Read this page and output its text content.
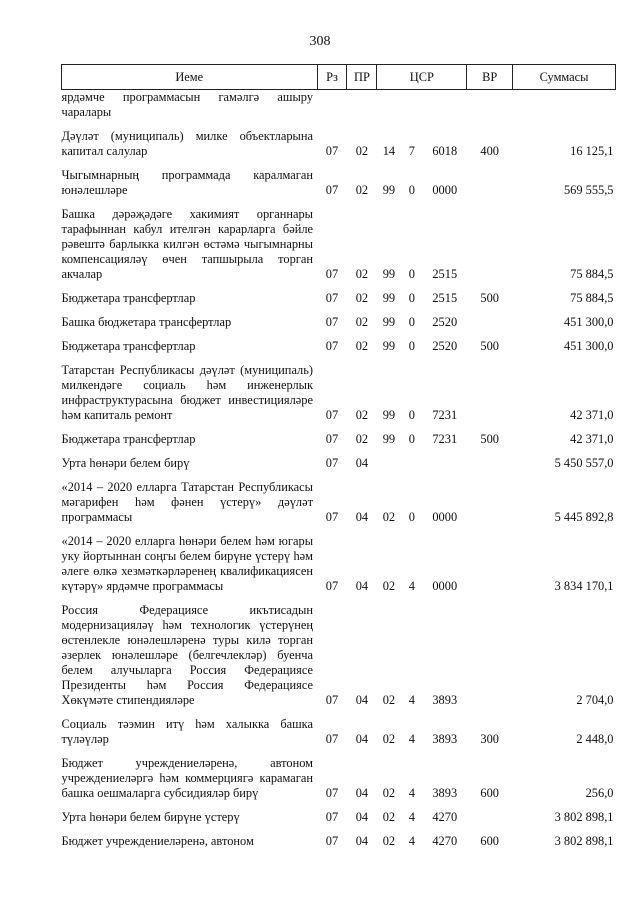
308
Иеме	Рз	ПР	ЦСР			ВР	Суммасы
ярдәмче программасын гамәлгә ашыру чаралары							
Дәүләт (муниципаль) милке объектларына капитал салулар	07	02	14	7	6018	400	16 125,1
Чыгымнарның программада каралмаган юнәлешләре	07	02	99	0	0000		569 555,5
Башка дәрәҗәдәге хакимият органнары тарафыннан кабул ителгән карарларга бәйле рәвештә барлыкка килгән өстәмә чыгымнарны компенсацияләү өчен тапшырыла торган акчалар	07	02	99	0	2515		75 884,5
Бюджетара трансфертлар	07	02	99	0	2515	500	75 884,5
Башка бюджетара трансфертлар	07	02	99	0	2520		451 300,0
Бюджетара трансфертлар	07	02	99	0	2520	500	451 300,0
Татарстан Республикасы дәүләт (муниципаль) милкендәге социаль һәм инженерлык инфраструктурасына бюджет инвестицияләре һәм капиталь ремонт	07	02	99	0	7231		42 371,0
Бюджетара трансфертлар	07	02	99	0	7231	500	42 371,0
Урта һөнәри белем бирү	07	04					5 450 557,0
«2014 – 2020 елларга Татарстан Республикасы мәгарифен һәм фәнен үстерү» дәүләт программасы	07	04	02	0	0000		5 445 892,8
«2014 – 2020 елларга һөнәри белем һәм югары уку йортыннан соңгы белем бирүне үстерү һәм әлеге өлкә хезмәткәрләренең квалификациясен күтәрү» ярдәмче программасы	07	04	02	4	0000		3 834 170,1
Россия Федерациясе икътисадын модернизацияләү һәм технологик үстерүнең өстенлекле юнәлешләренә туры килә торган әзерлек юнәлешләре (белгечлекләр) буенча белем алучыларга Россия Федерациясе Президенты һәм Россия Федерациясе Хөкүмәте стипендияләре	07	04	02	4	3893		2 704,0
Социаль тәэмин итү һәм халыкка башка түләүләр	07	04	02	4	3893	300	2 448,0
Бюджет учреждениеләренә, автоном учреждениеләргә һәм коммерциягә карамаган башка оешмаларга субсидияләр бирү	07	04	02	4	3893	600	256,0
Урта һөнәри белем бирүне үстерү	07	04	02	4	4270		3 802 898,1
Бюджет учреждениеләренә, автоном	07	04	02	4	4270	600	3 802 898,1
